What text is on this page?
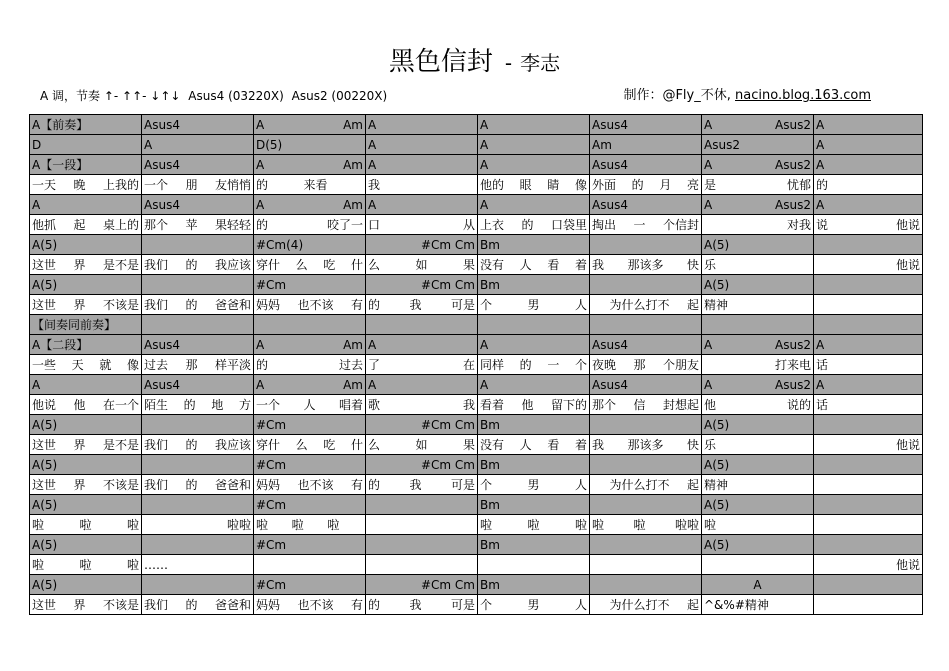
黑色信封 - 李志
A 调，节奏 ↑- ↑↑- ↓↑↓ Asus4 (03220X) Asus2 (00220X)	制作：@Fly_不休, nacino.blog.163.com
A【前奏】	Asus4	A Am	A	A	Asus4	A Asus2	A

D	A	D(5)	A	A	Am	Asus2	A

A【一段】	Asus4	A Am	A	A	Asus4	A Asus2	A

一天 晚 上我的	一个 朋 友悄悄	的 来看	我	他的 眼 睛 像	外面 的 月 亮	是 忧郁	的

A	Asus4	A Am	A	A	Asus4	A Asus2	A

他抓 起 桌上的	那个 苹 果轻轻	的 咬了一	口 从	上衣 的 口袋里	掏出 一 个信封	对我	说 他说

A(5)		#Cm(4)	#Cm Cm	Bm		A(5)	

这世 界 是不是	我们 的 我应该	穿什 么 吃 什	么 如 果	没有 人 看 着	我 那该多 快	乐	他说

A(5)		#Cm	#Cm Cm	Bm		A(5)	

这世 界 不该是	我们 的 爸爸和	妈妈 也不该 有	的 我 可是	个 男 人	为什么打不 起	精神	

【间奏同前奏】							

A【二段】	Asus4	A Am	A	A	Asus4	A Asus2	A

一些 天 就 像	过去 那 样平淡	的 过去	了 在	同样 的 一 个	夜晚 那 个朋友	打来电	话

A	Asus4	A Am	A	A	Asus4	A Asus2	A

他说 他 在一个	陌生 的 地 方	一个 人 唱着	歌 我	看着 他 留下的	那个 信 封想起	他 说的	话

A(5)		#Cm	#Cm Cm	Bm		A(5)	

这世 界 是不是	我们 的 我应该	穿什 么 吃 什	么 如 果	没有 人 看 着	我 那该多 快	乐	他说

A(5)		#Cm	#Cm Cm	Bm		A(5)	

这世 界 不该是	我们 的 爸爸和	妈妈 也不该 有	的 我 可是	个 男 人	为什么打不 起	精神	

A(5)		#Cm		Bm		A(5)	

啦 啦 啦	啦啦	啦 啦 啦		啦 啦 啦	啦 啦 啦啦	啦	

A(5)		#Cm		Bm		A(5)	

啦 啦 啦	……						他说

A(5)		#Cm	#Cm Cm	Bm		A	

这世 界 不该是	我们 的 爸爸和	妈妈 也不该 有	的 我 可是	个 男 人	为什么打不 起	^&%#精神	
